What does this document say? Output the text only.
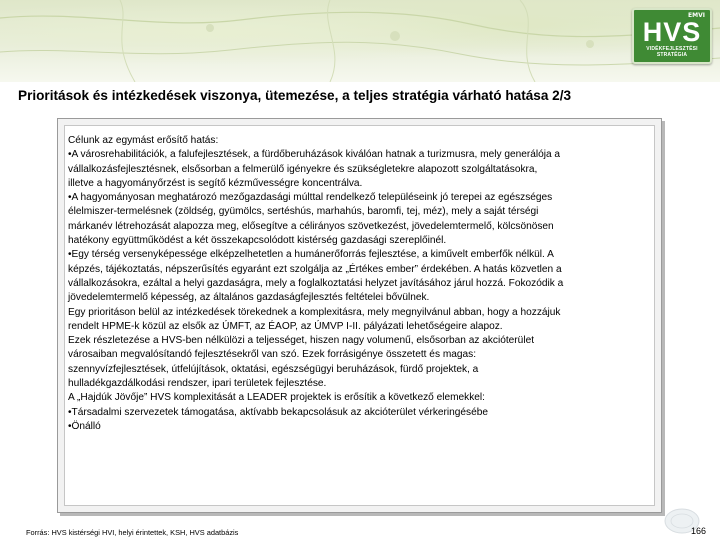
EMVI
HVS
VIDÉKFEJLESZTÉSI STRATÉGIA
Prioritások és intézkedések viszonya, ütemezése, a teljes stratégia várható hatása 2/3
Célunk az egymást erősítő hatás:
•A városrehabilitációk, a falufejlesztések, a fürdőberuházások kiválóan hatnak a turizmusra, mely generálója a
vállalkozásfejlesztésnek, elsősorban a felmerülő igényekre és szükségletekre alapozott szolgáltatásokra,
illetve a hagyományőrzést is segítő kézművességre koncentrálva.
•A hagyományosan meghatározó mezőgazdasági múlttal rendelkező településeink jó terepei az egészséges
élelmiszer-termelésnek (zöldség, gyümölcs, sertéshús, marhahús, baromfi, tej, méz), mely a saját térségi
márkanév létrehozását alapozza meg, elősegítve a célirányos szövetkezést, jövedelemtermelő, kölcsönösen
hatékony együttműködést a két összekapcsolódott kistérség gazdasági szereplőinél.
•Egy térség versenyképessége elképzelhetetlen a humánerőforrás fejlesztése, a kiművelt emberfők nélkül. A
képzés, tájékoztatás, népszerűsítés egyaránt ezt szolgálja az „Értékes ember” érdekében. A hatás közvetlen a
vállalkozásokra, ezáltal a helyi gazdaságra, mely a foglalkoztatási helyzet javításához járul hozzá. Fokozódik a
jövedelemtermelő képesség, az általános gazdaságfejlesztés feltételei bővülnek.
Egy prioritáson belül az intézkedések törekednek a komplexitásra, mely megnyilvánul abban, hogy a hozzájuk
rendelt HPME-k közül az elsők az ÚMFT, az ÉAOP, az ÚMVP I-II. pályázati lehetőségeire alapoz.
Ezek részletezése a HVS-ben nélkülözi a teljességet, hiszen nagy volumenű, elsősorban az akcióterület
városaiban megvalósítandó fejlesztésekről van szó. Ezek forrásigénye összetett és magas:
szennyvízfejlesztések, útfelújítások, oktatási, egészségügyi beruházások, fürdő projektek, a
hulladékgazdálkodási rendszer, ipari területek fejlesztése.
A „Hajdúk Jövője” HVS komplexitását a LEADER projektek is erősítik a következő elemekkel:
•Társadalmi szervezetek támogatása, aktívabb bekapcsolásuk az akcióterület vérkeringésébe
•Önálló
Forrás: HVS kistérségi HVI, helyi érintettek, KSH, HVS adatbázis	166
